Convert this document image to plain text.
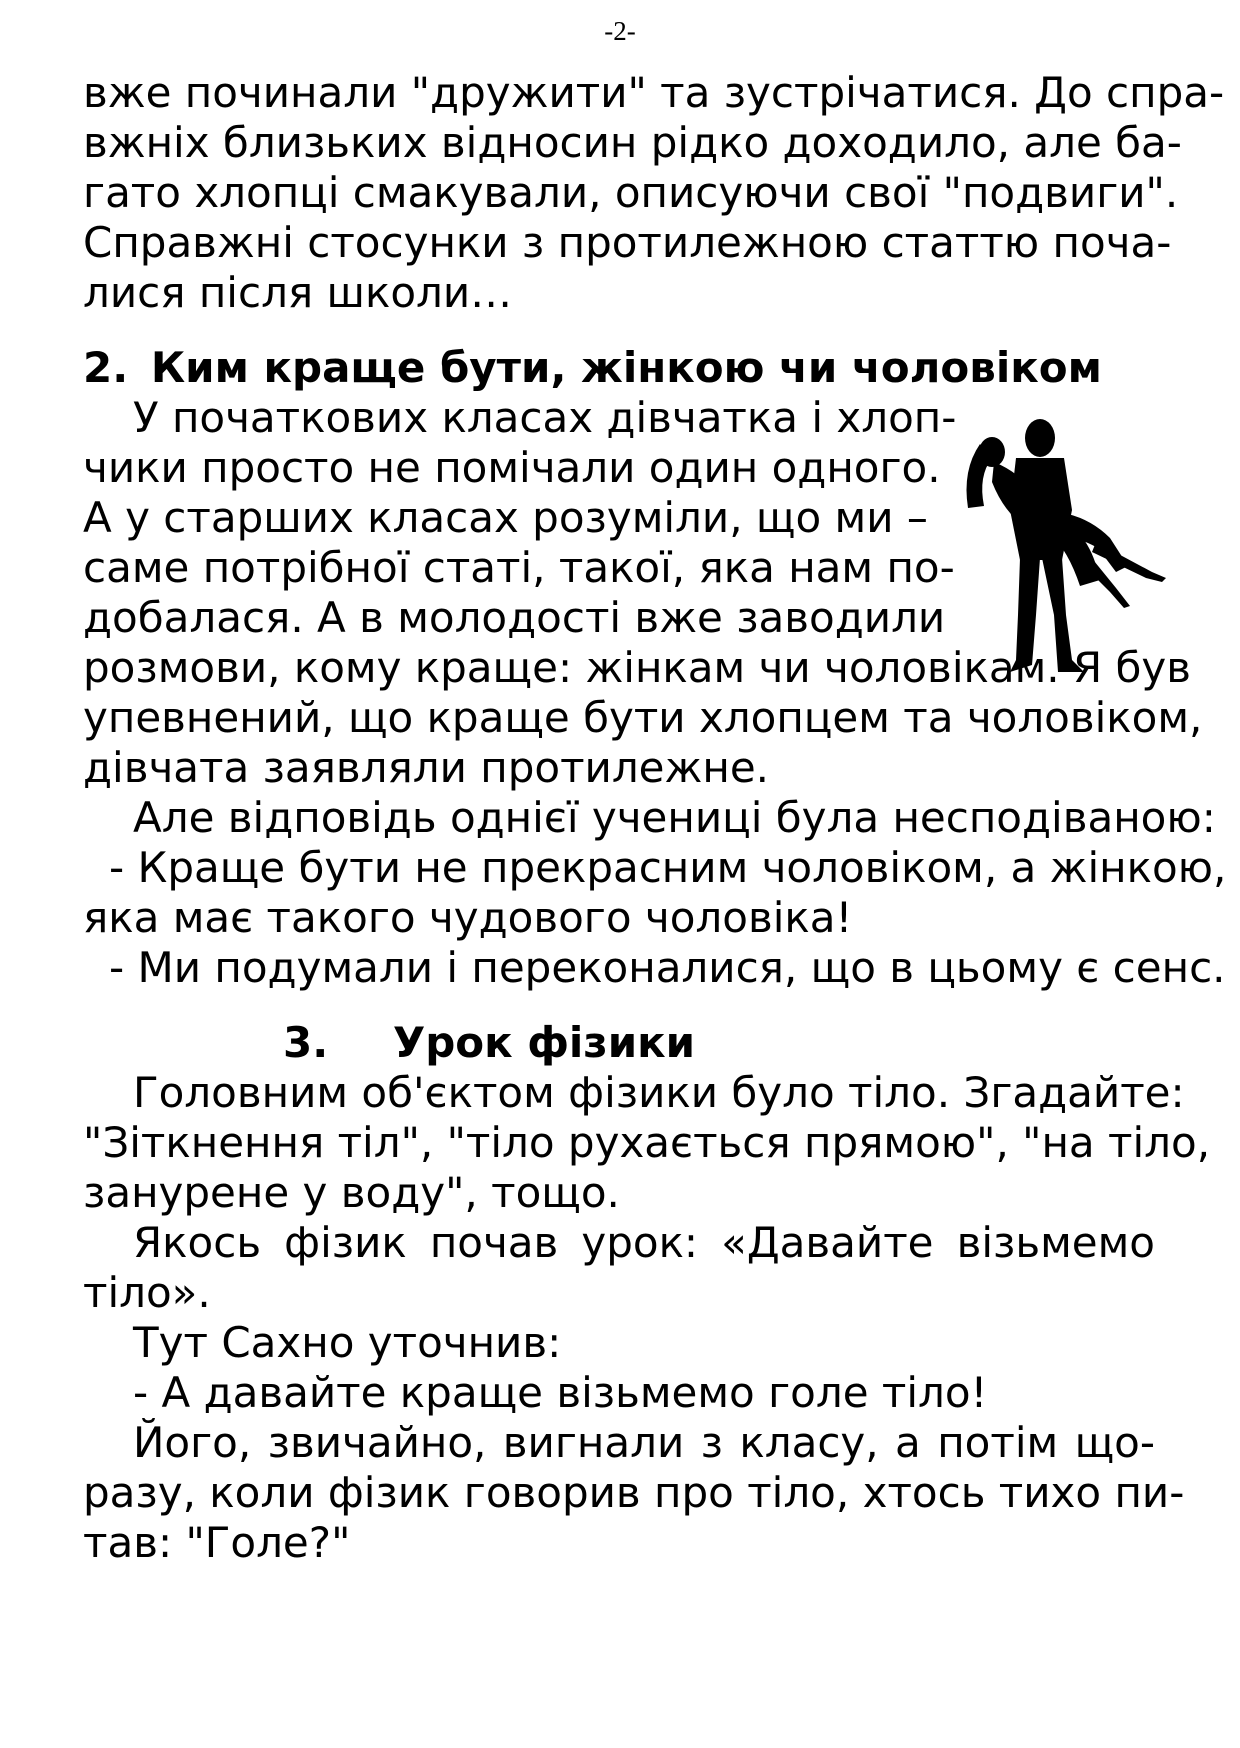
-2-
вже починали "дружити" та зустрічатися. До спра-
вжніх близьких відносин рідко доходило, але ба-
гато хлопці смакували, описуючи свої "подвиги".
Справжні стосунки з протилежною статтю поча-
лися після школи…
2. Ким краще бути, жінкою чи чоловіком
У початкових класах дівчатка і хлоп-
чики просто не помічали один одного.
А у старших класах розуміли, що ми –
саме потрібної статі, такої, яка нам по-
добалася. А в молодості вже заводили
розмови, кому краще: жінкам чи чоловікам. Я був
упевнений, що краще бути хлопцем та чоловіком,
дівчата заявляли протилежне.
Але відповідь однієї учениці була несподіваною:
- Краще бути не прекрасним чоловіком, а жінкою,
яка має такого чудового чоловіка!
- Ми подумали і переконалися, що в цьому є сенс.
3. Урок фізики
Головним об'єктом фізики було тіло. Згадайте:
"Зіткнення тіл", "тіло рухається прямою", "на тіло,
занурене у воду", тощо.
Якось фізик почав урок: «Давайте візьмемо
тіло».
Тут Сахно уточнив:
- А давайте краще візьмемо голе тіло!
Його, звичайно, вигнали з класу, а потім що-
разу, коли фізик говорив про тіло, хтось тихо пи-
тав: "Голе?"
